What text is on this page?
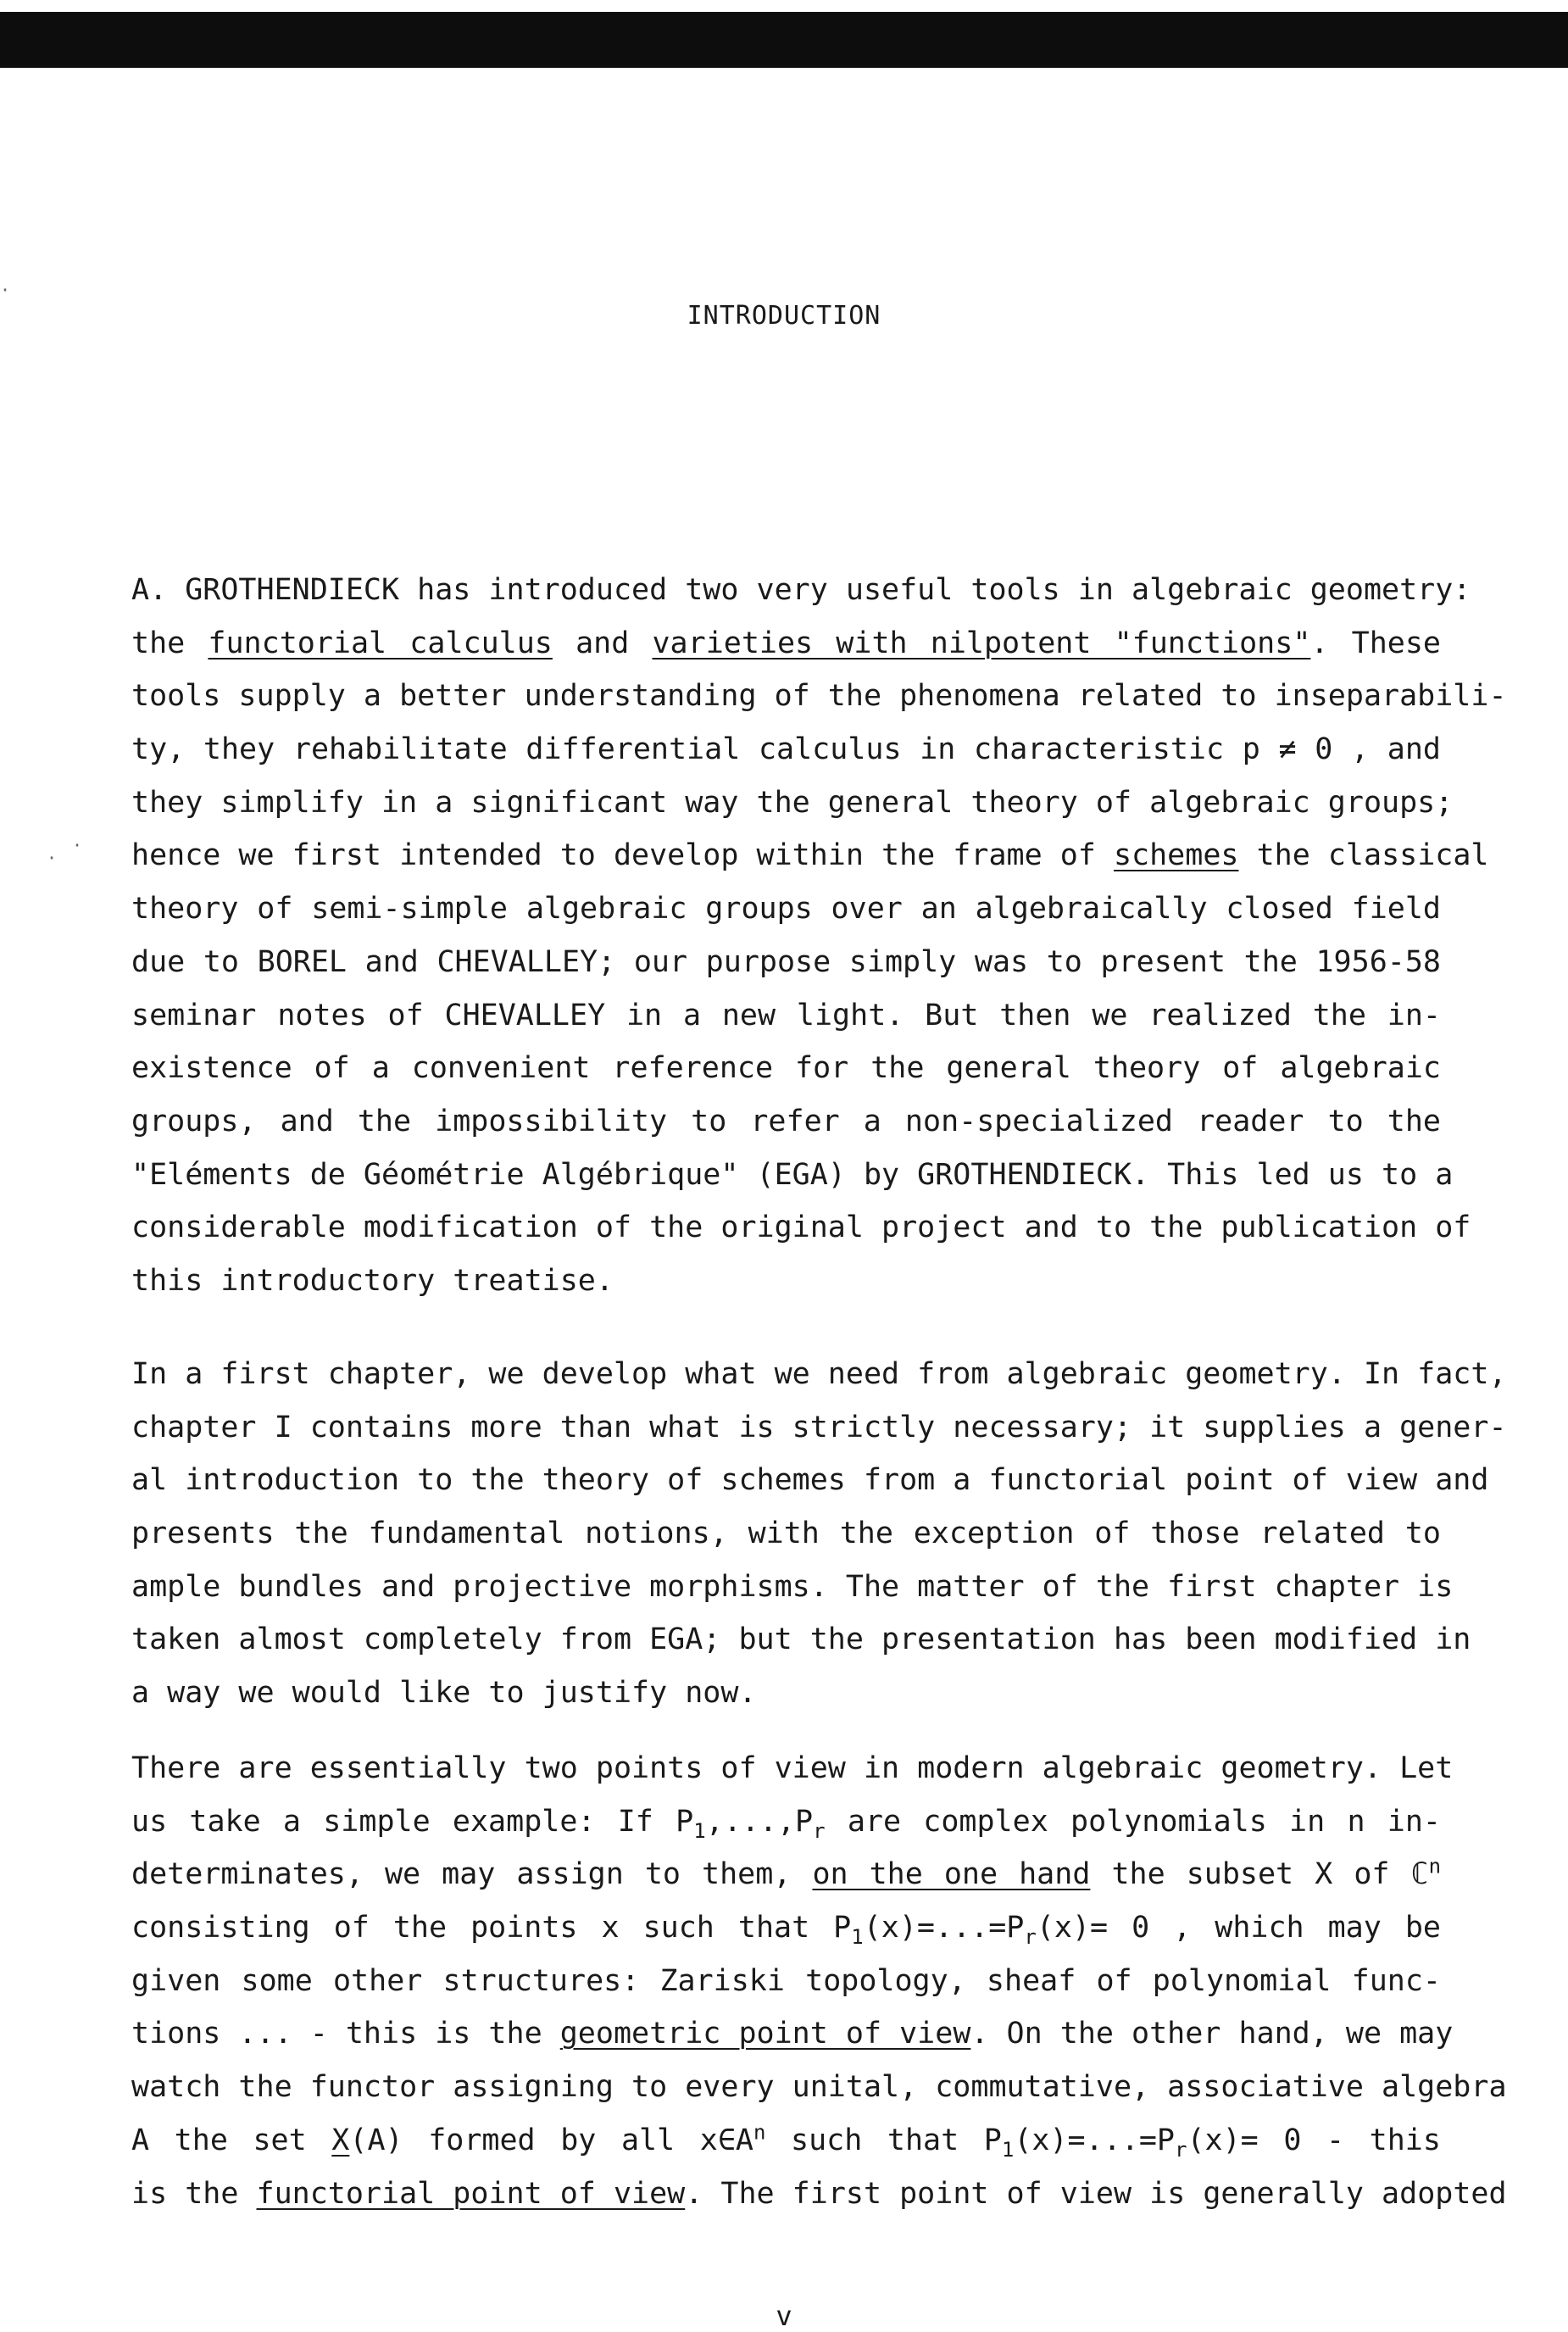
·
·
·
INTRODUCTION
A. GROTHENDIECK has introduced two very useful tools in algebraic geometry:
the functorial calculus and varieties with nilpotent "functions". These
tools supply a better understanding of the phenomena related to inseparabili-
ty, they rehabilitate differential calculus in characteristic p ≠ 0 , and
they simplify in a significant way the general theory of algebraic groups;
hence we first intended to develop within the frame of schemes the classical
theory of semi-simple algebraic groups over an algebraically closed field
due to BOREL and CHEVALLEY; our purpose simply was to present the 1956-58
seminar notes of CHEVALLEY in a new light. But then we realized the in-
existence of a convenient reference for the general theory of algebraic
groups, and the impossibility to refer a non-specialized reader to the
"Eléments de Géométrie Algébrique" (EGA) by GROTHENDIECK. This led us to a
considerable modification of the original project and to the publication of
this introductory treatise.
In a first chapter, we develop what we need from algebraic geometry. In fact,
chapter I contains more than what is strictly necessary; it supplies a gener-
al introduction to the theory of schemes from a functorial point of view and
presents the fundamental notions, with the exception of those related to
ample bundles and projective morphisms. The matter of the first chapter is
taken almost completely from EGA; but the presentation has been modified in
a way we would like to justify now.
There are essentially two points of view in modern algebraic geometry. Let
us take a simple example: If $P_1,...,P_r$ are complex polynomials in n in-
determinates, we may assign to them, on the one hand the subset X of ℂ$^n$
consisting of the points x such that $P_1(x)=...=P_r(x)= 0$ , which may be
given some other structures: Zariski topology, sheaf of polynomial func-
tions ... - this is the geometric point of view. On the other hand, we may
watch the functor assigning to every unital, commutative, associative algebra
A the set X(A) formed by all $x\in A^n$ such that $P_1(x)=...=P_r(x)= 0$ - this
is the functorial point of view. The first point of view is generally adopted
v
